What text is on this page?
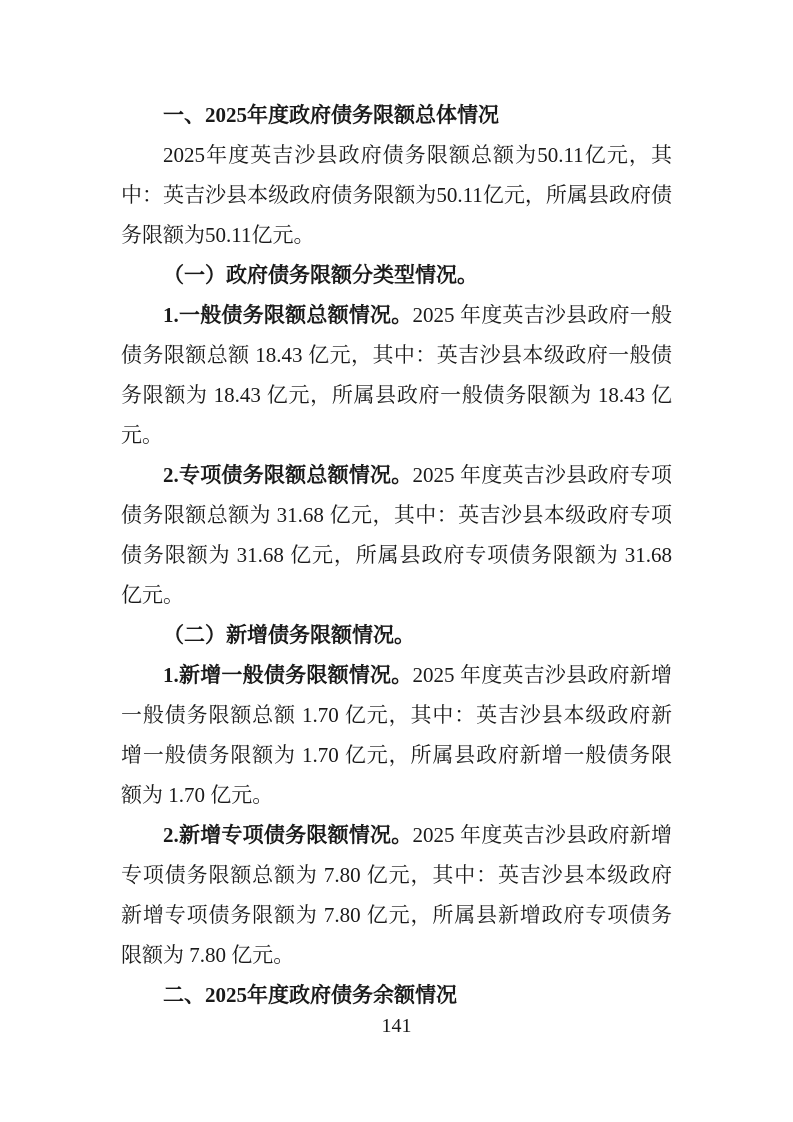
一、2025年度政府债务限额总体情况

2025年度英吉沙县政府债务限额总额为50.11亿元，其中：英吉沙县本级政府债务限额为50.11亿元，所属县政府债务限额为50.11亿元。

（一）政府债务限额分类型情况。

1.一般债务限额总额情况。2025 年度英吉沙县政府一般债务限额总额 18.43 亿元，其中：英吉沙县本级政府一般债务限额为 18.43 亿元，所属县政府一般债务限额为 18.43 亿元。

2.专项债务限额总额情况。2025 年度英吉沙县政府专项债务限额总额为 31.68 亿元，其中：英吉沙县本级政府专项债务限额为 31.68 亿元，所属县政府专项债务限额为 31.68 亿元。

（二）新增债务限额情况。

1.新增一般债务限额情况。2025 年度英吉沙县政府新增一般债务限额总额 1.70 亿元，其中：英吉沙县本级政府新增一般债务限额为 1.70 亿元，所属县政府新增一般债务限额为 1.70 亿元。

2.新增专项债务限额情况。2025 年度英吉沙县政府新增专项债务限额总额为 7.80 亿元，其中：英吉沙县本级政府新增专项债务限额为 7.80 亿元，所属县新增政府专项债务限额为 7.80 亿元。

二、2025年度政府债务余额情况
141
